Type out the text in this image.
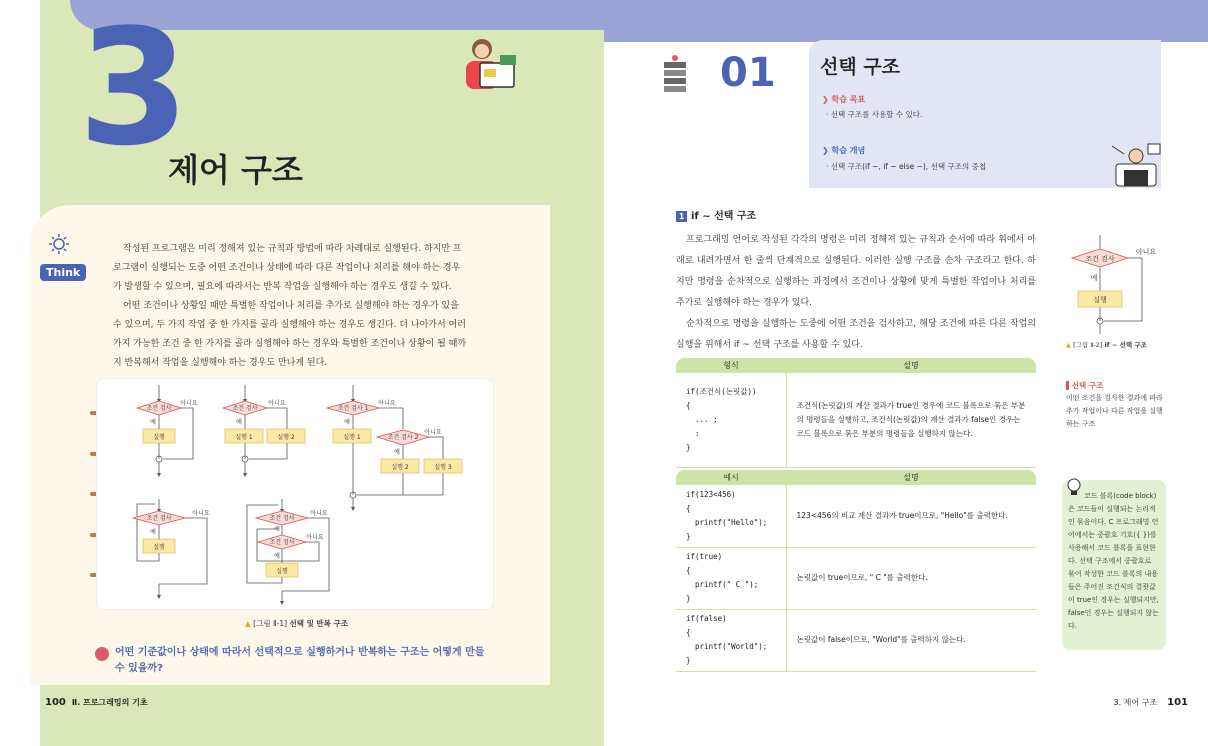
3
제어 구조
Think

작성된 프로그램은 미리 정해져 있는 규칙과 방법에 따라 차례대로 실행된다. 하지만 프로그램이 실행되는 도중 어떤 조건이나 상태에 따라 다른 작업이나 처리를 해야 하는 경우가 발생할 수 있으며, 필요에 따라서는 반복 작업을 실행해야 하는 경우도 생길 수 있다.

어떤 조건이나 상황일 때만 특별한 작업이나 처리를 추가로 실행해야 하는 경우가 있을 수 있으며, 두 가지 작업 중 한 가지를 골라 실행해야 하는 경우도 생긴다. 더 나아가서 여러 가지 가능한 조건 중 한 가지를 골라 실행해야 하는 경우와 특별한 조건이나 상황이 될 때까지 반복해서 작업을 실행해야 하는 경우도 만나게 된다.

조건 검사
아니요
예
실행
조건 검사
아니요
예
실행 1	실행 2
조건 검사 1
아니요
예
실행 1	조건 검사 2
아니요
예
실행 2	실행 3
조건 검사
아니요
예
실행
조건 검사
아니요
예
조건 검사
아니요
예
실행
▲ [그림 Ⅱ-1] 선택 및 반복 구조
어떤 기준값이나 상태에 따라서 선택적으로 실행하거나 반복하는 구조는 어떻게 만들 수 있을까?
100 Ⅱ. 프로그래밍의 기초
01 선택 구조
❯ 학습 목표
· 선택 구조를 사용할 수 있다.
❯ 학습 개념
· 선택 구조(if ~, if ~ else ~), 선택 구조의 중첩
1 if ~ 선택 구조

프로그래밍 언어로 작성된 각각의 명령은 미리 정해져 있는 규칙과 순서에 따라 위에서 아래로 내려가면서 한 줄씩 단계적으로 실행된다. 이러한 실행 구조를 순차 구조라고 한다. 하지만 명령을 순차적으로 실행하는 과정에서 조건이나 상황에 맞게 특별한 작업이나 처리를 추가로 실행해야 하는 경우가 있다.

순차적으로 명령을 실행하는 도중에 어떤 조건을 검사하고, 해당 조건에 따른 다른 작업의 실행을 위해서 if ~ 선택 구조를 사용할 수 있다.

형식	설명
if(조건식(논릿값))
{
... ;
:
}	조건식(논릿값)의 계산 결과가 true인 경우에 코드 블록으로 묶은 부분의 명령들을 실행하고, 조건식(논릿값)의 계산 결과가 false인 경우는 코드 블록으로 묶은 부분의 명령들을 실행하지 않는다.
예시	설명
if(123<456)
{
printf("Hello");
}	123<456의 비교 계산 결과가 true이므로, "Hello"를 출력한다.
if(true)
{
printf(" C ");
}	논릿값이 true이므로, " C "를 출력한다.
if(false)
{
printf("World");
}	논릿값이 false이므로, "World"를 출력하지 않는다.
조건 검사
아니요
예
실행
▲ [그림 Ⅱ-2] if ~ 선택 구조
▌선택 구조
어떤 조건을 검사한 결과에 따라 추가 작업이나 다른 작업을 실행하는 구조

코드 블록(code block)은 코드들이 실행되는 논리적인 묶음이다. C 프로그래밍 언어에서는 중괄호 기호({ })를 사용해서 코드 블록을 표현한다. 선택 구조에서 중괄호로 묶어 작성한 코드 블록의 내용들은 주어진 조건식의 결괏값이 true인 경우는 실행되지만, false인 경우는 실행되지 않는다.

3. 제어 구조 101
